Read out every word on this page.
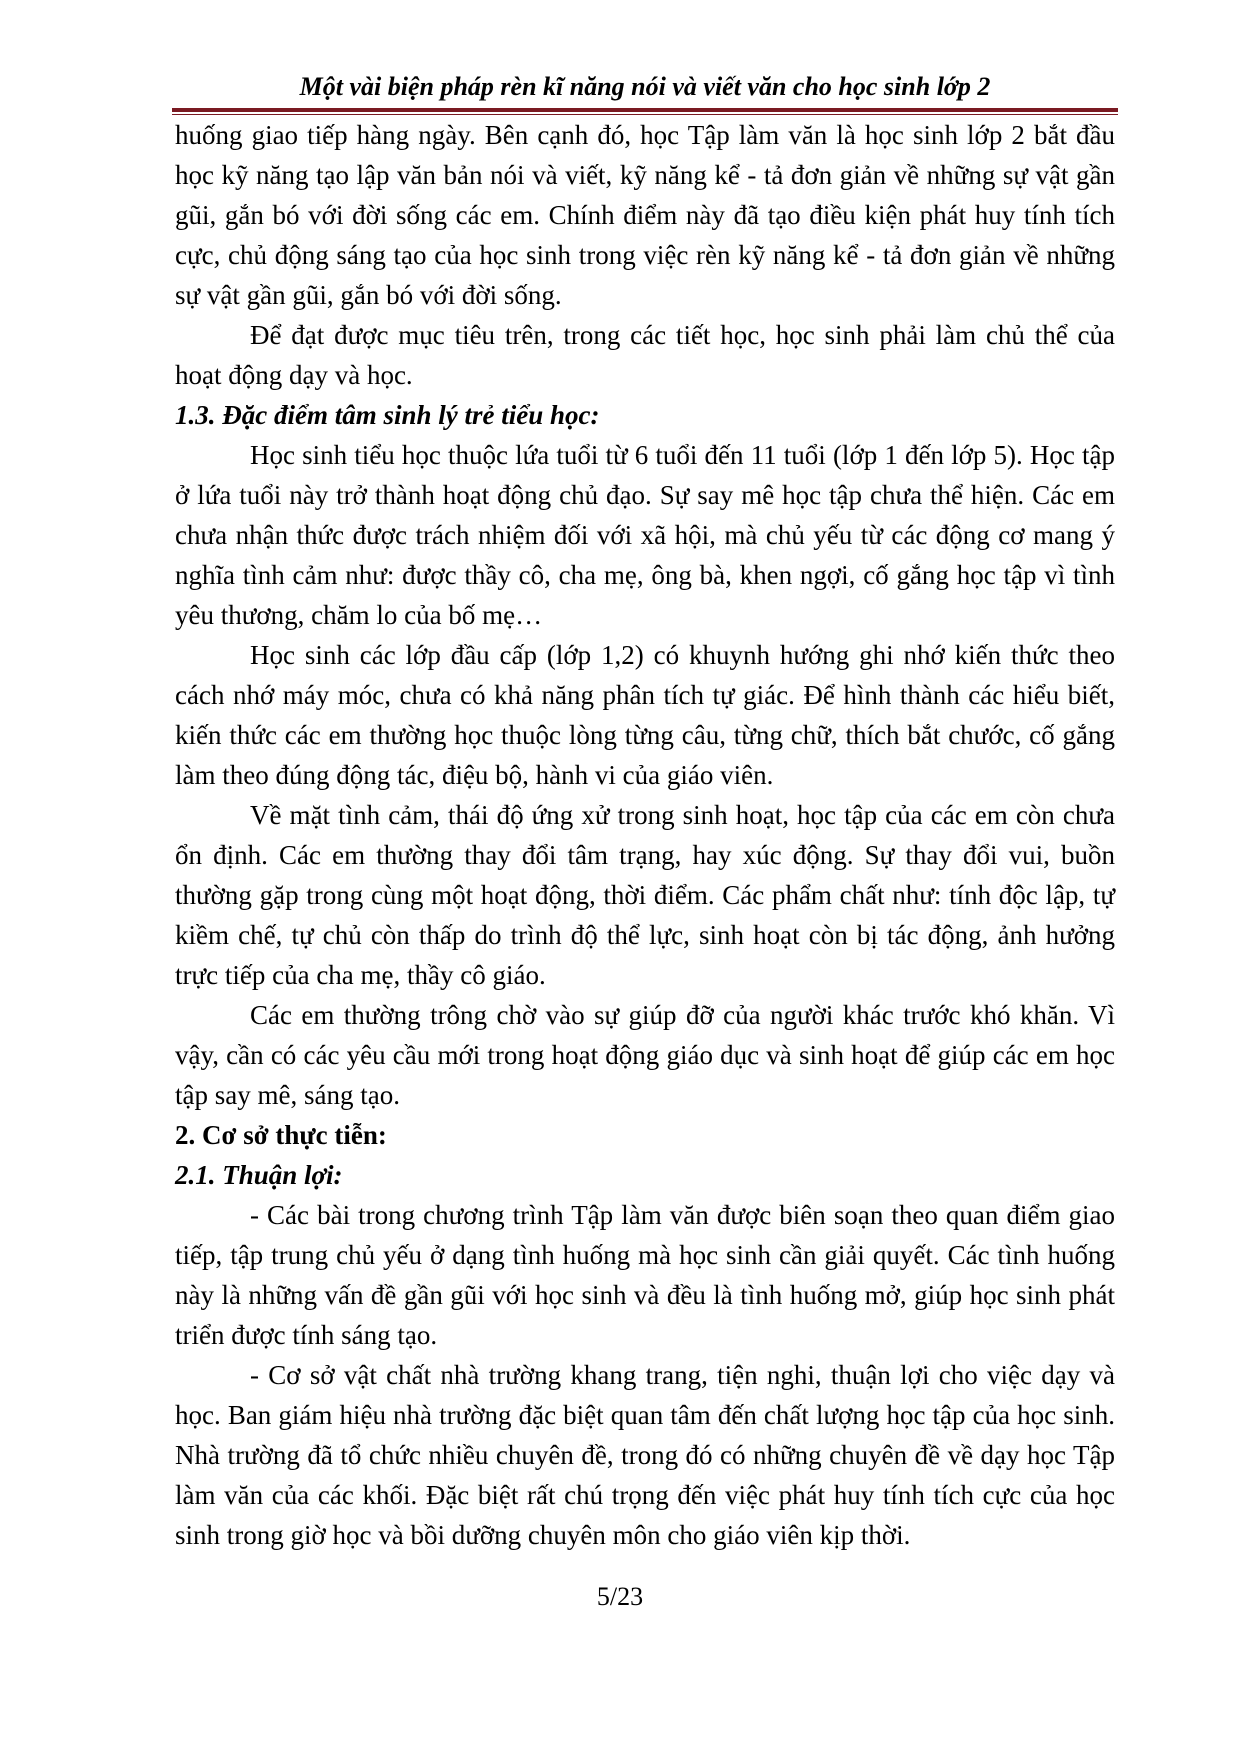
Một vài biện pháp rèn kĩ năng nói và viết văn cho học sinh lớp 2

huống giao tiếp hàng ngày. Bên cạnh đó, học Tập làm văn là học sinh lớp 2 bắt đầu học kỹ năng tạo lập văn bản nói và viết, kỹ năng kể - tả đơn giản về những sự vật gần gũi, gắn bó với đời sống các em. Chính điểm này đã tạo điều kiện phát huy tính tích cực, chủ động sáng tạo của học sinh trong việc rèn kỹ năng kể - tả đơn giản về những sự vật gần gũi, gắn bó với đời sống.

Để đạt được mục tiêu trên, trong các tiết học, học sinh phải làm chủ thể của hoạt động dạy và học.

1.3. Đặc điểm tâm sinh lý trẻ tiểu học:

Học sinh tiểu học thuộc lứa tuổi từ 6 tuổi đến 11 tuổi (lớp 1 đến lớp 5). Học tập ở lứa tuổi này trở thành hoạt động chủ đạo. Sự say mê học tập chưa thể hiện. Các em chưa nhận thức được trách nhiệm đối với xã hội, mà chủ yếu từ các động cơ mang ý nghĩa tình cảm như: được thầy cô, cha mẹ, ông bà, khen ngợi, cố gắng học tập vì tình yêu thương, chăm lo của bố mẹ…

Học sinh các lớp đầu cấp (lớp 1,2) có khuynh hướng ghi nhớ kiến thức theo cách nhớ máy móc, chưa có khả năng phân tích tự giác. Để hình thành các hiểu biết, kiến thức các em thường học thuộc lòng từng câu, từng chữ, thích bắt chước, cố gắng làm theo đúng động tác, điệu bộ, hành vi của giáo viên.

Về mặt tình cảm, thái độ ứng xử trong sinh hoạt, học tập của các em còn chưa ổn định. Các em thường thay đổi tâm trạng, hay xúc động. Sự thay đổi vui, buồn thường gặp trong cùng một hoạt động, thời điểm. Các phẩm chất như: tính độc lập, tự kiềm chế, tự chủ còn thấp do trình độ thể lực, sinh hoạt còn bị tác động, ảnh hưởng trực tiếp của cha mẹ, thầy cô giáo.

Các em thường trông chờ vào sự giúp đỡ của người khác trước khó khăn. Vì vậy, cần có các yêu cầu mới trong hoạt động giáo dục và sinh hoạt để giúp các em học tập say mê, sáng tạo.

2. Cơ sở thực tiễn:

2.1. Thuận lợi:

- Các bài trong chương trình Tập làm văn được biên soạn theo quan điểm giao tiếp, tập trung chủ yếu ở dạng tình huống mà học sinh cần giải quyết. Các tình huống này là những vấn đề gần gũi với học sinh và đều là tình huống mở, giúp học sinh phát triển được tính sáng tạo.

- Cơ sở vật chất nhà trường khang trang, tiện nghi, thuận lợi cho việc dạy và học. Ban giám hiệu nhà trường đặc biệt quan tâm đến chất lượng học tập của học sinh. Nhà trường đã tổ chức nhiều chuyên đề, trong đó có những chuyên đề về dạy học Tập làm văn của các khối. Đặc biệt rất chú trọng đến việc phát huy tính tích cực của học sinh trong giờ học và bồi dưỡng chuyên môn cho giáo viên kịp thời.

5/23
